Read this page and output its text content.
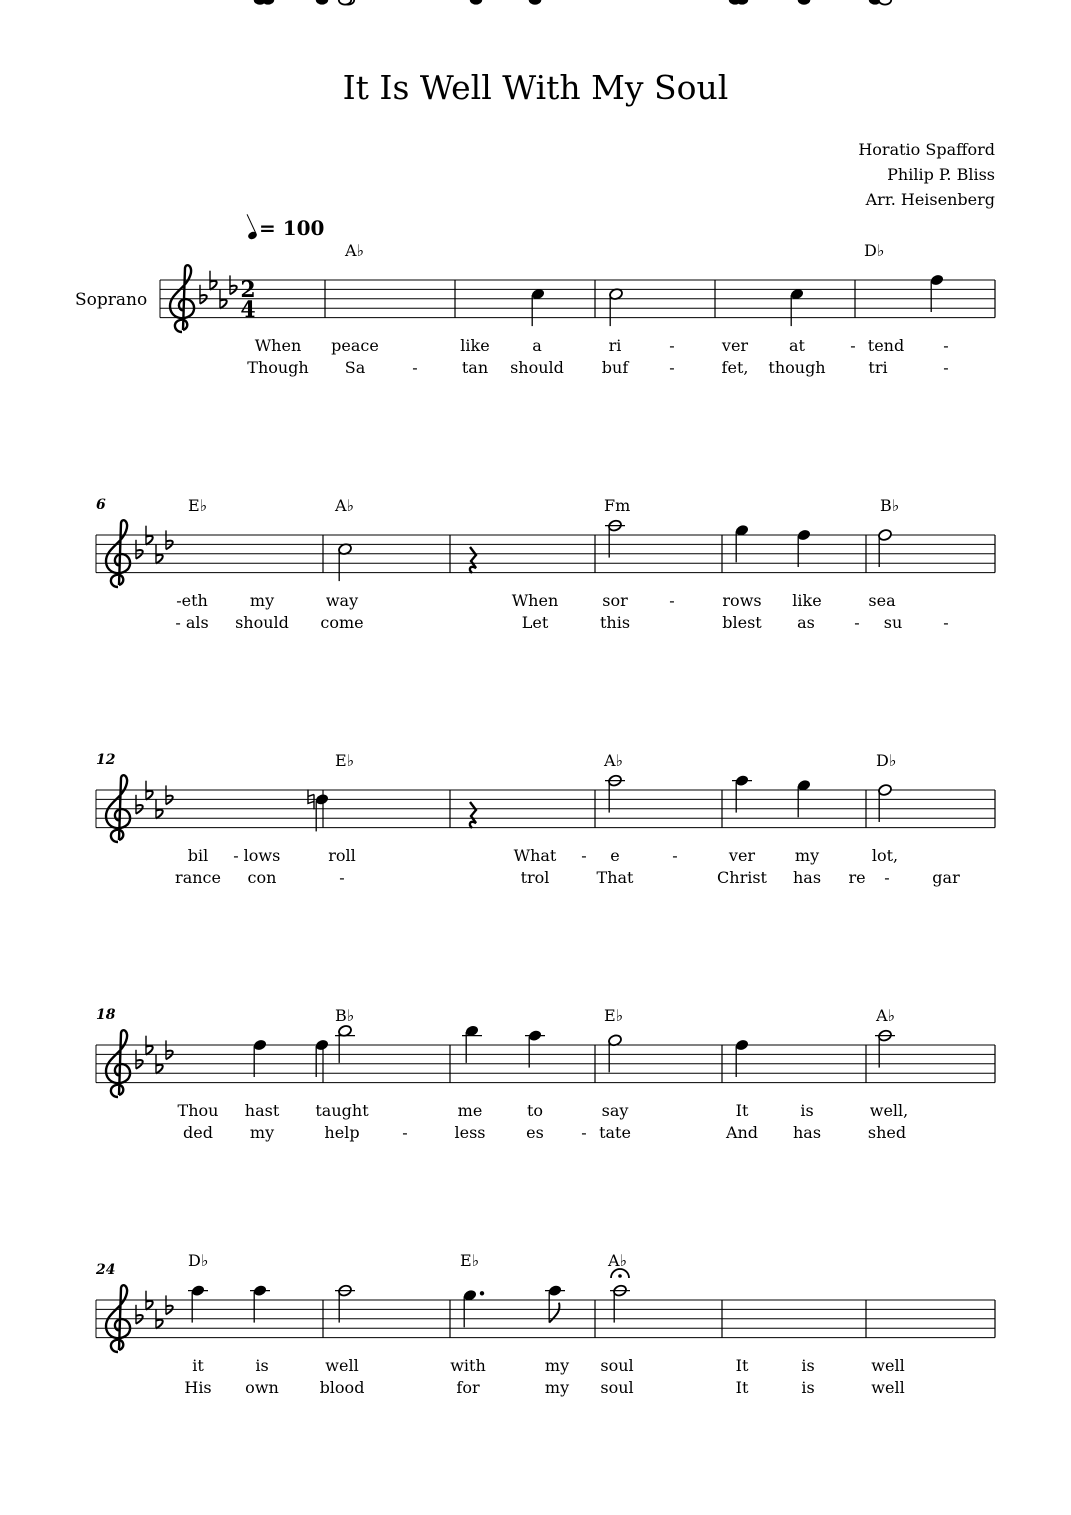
It Is Well With My Soul
Horatio Spafford
Philip P. Bliss
Arr. Heisenberg
= 100
Soprano	2
4
A♭	D♭
When peace	like	a	ri	-	ver	at	- tend -
Though Sa	-	tan should buf	-	fet, though	tri	-
6	E♭	A♭	Fm	B♭
-eth	my	way	When	sor	-	rows like	sea
- als should come	Let	this	blest as - su	-
12	E♭	A♭	D♭
bil - lows	roll	What - e	-	ver my	lot,
rance con	-	trol	That	Christ has re -	gar
18	B♭	E♭	A♭
Thou hast taught	me	to	say	It	is	well,
ded my	help	-	less	es - tate	And has	shed
24	D♭	E♭	A♭
it	is	well	with	my soul	It	is	well
His own	blood	for	my soul	It	is	well
